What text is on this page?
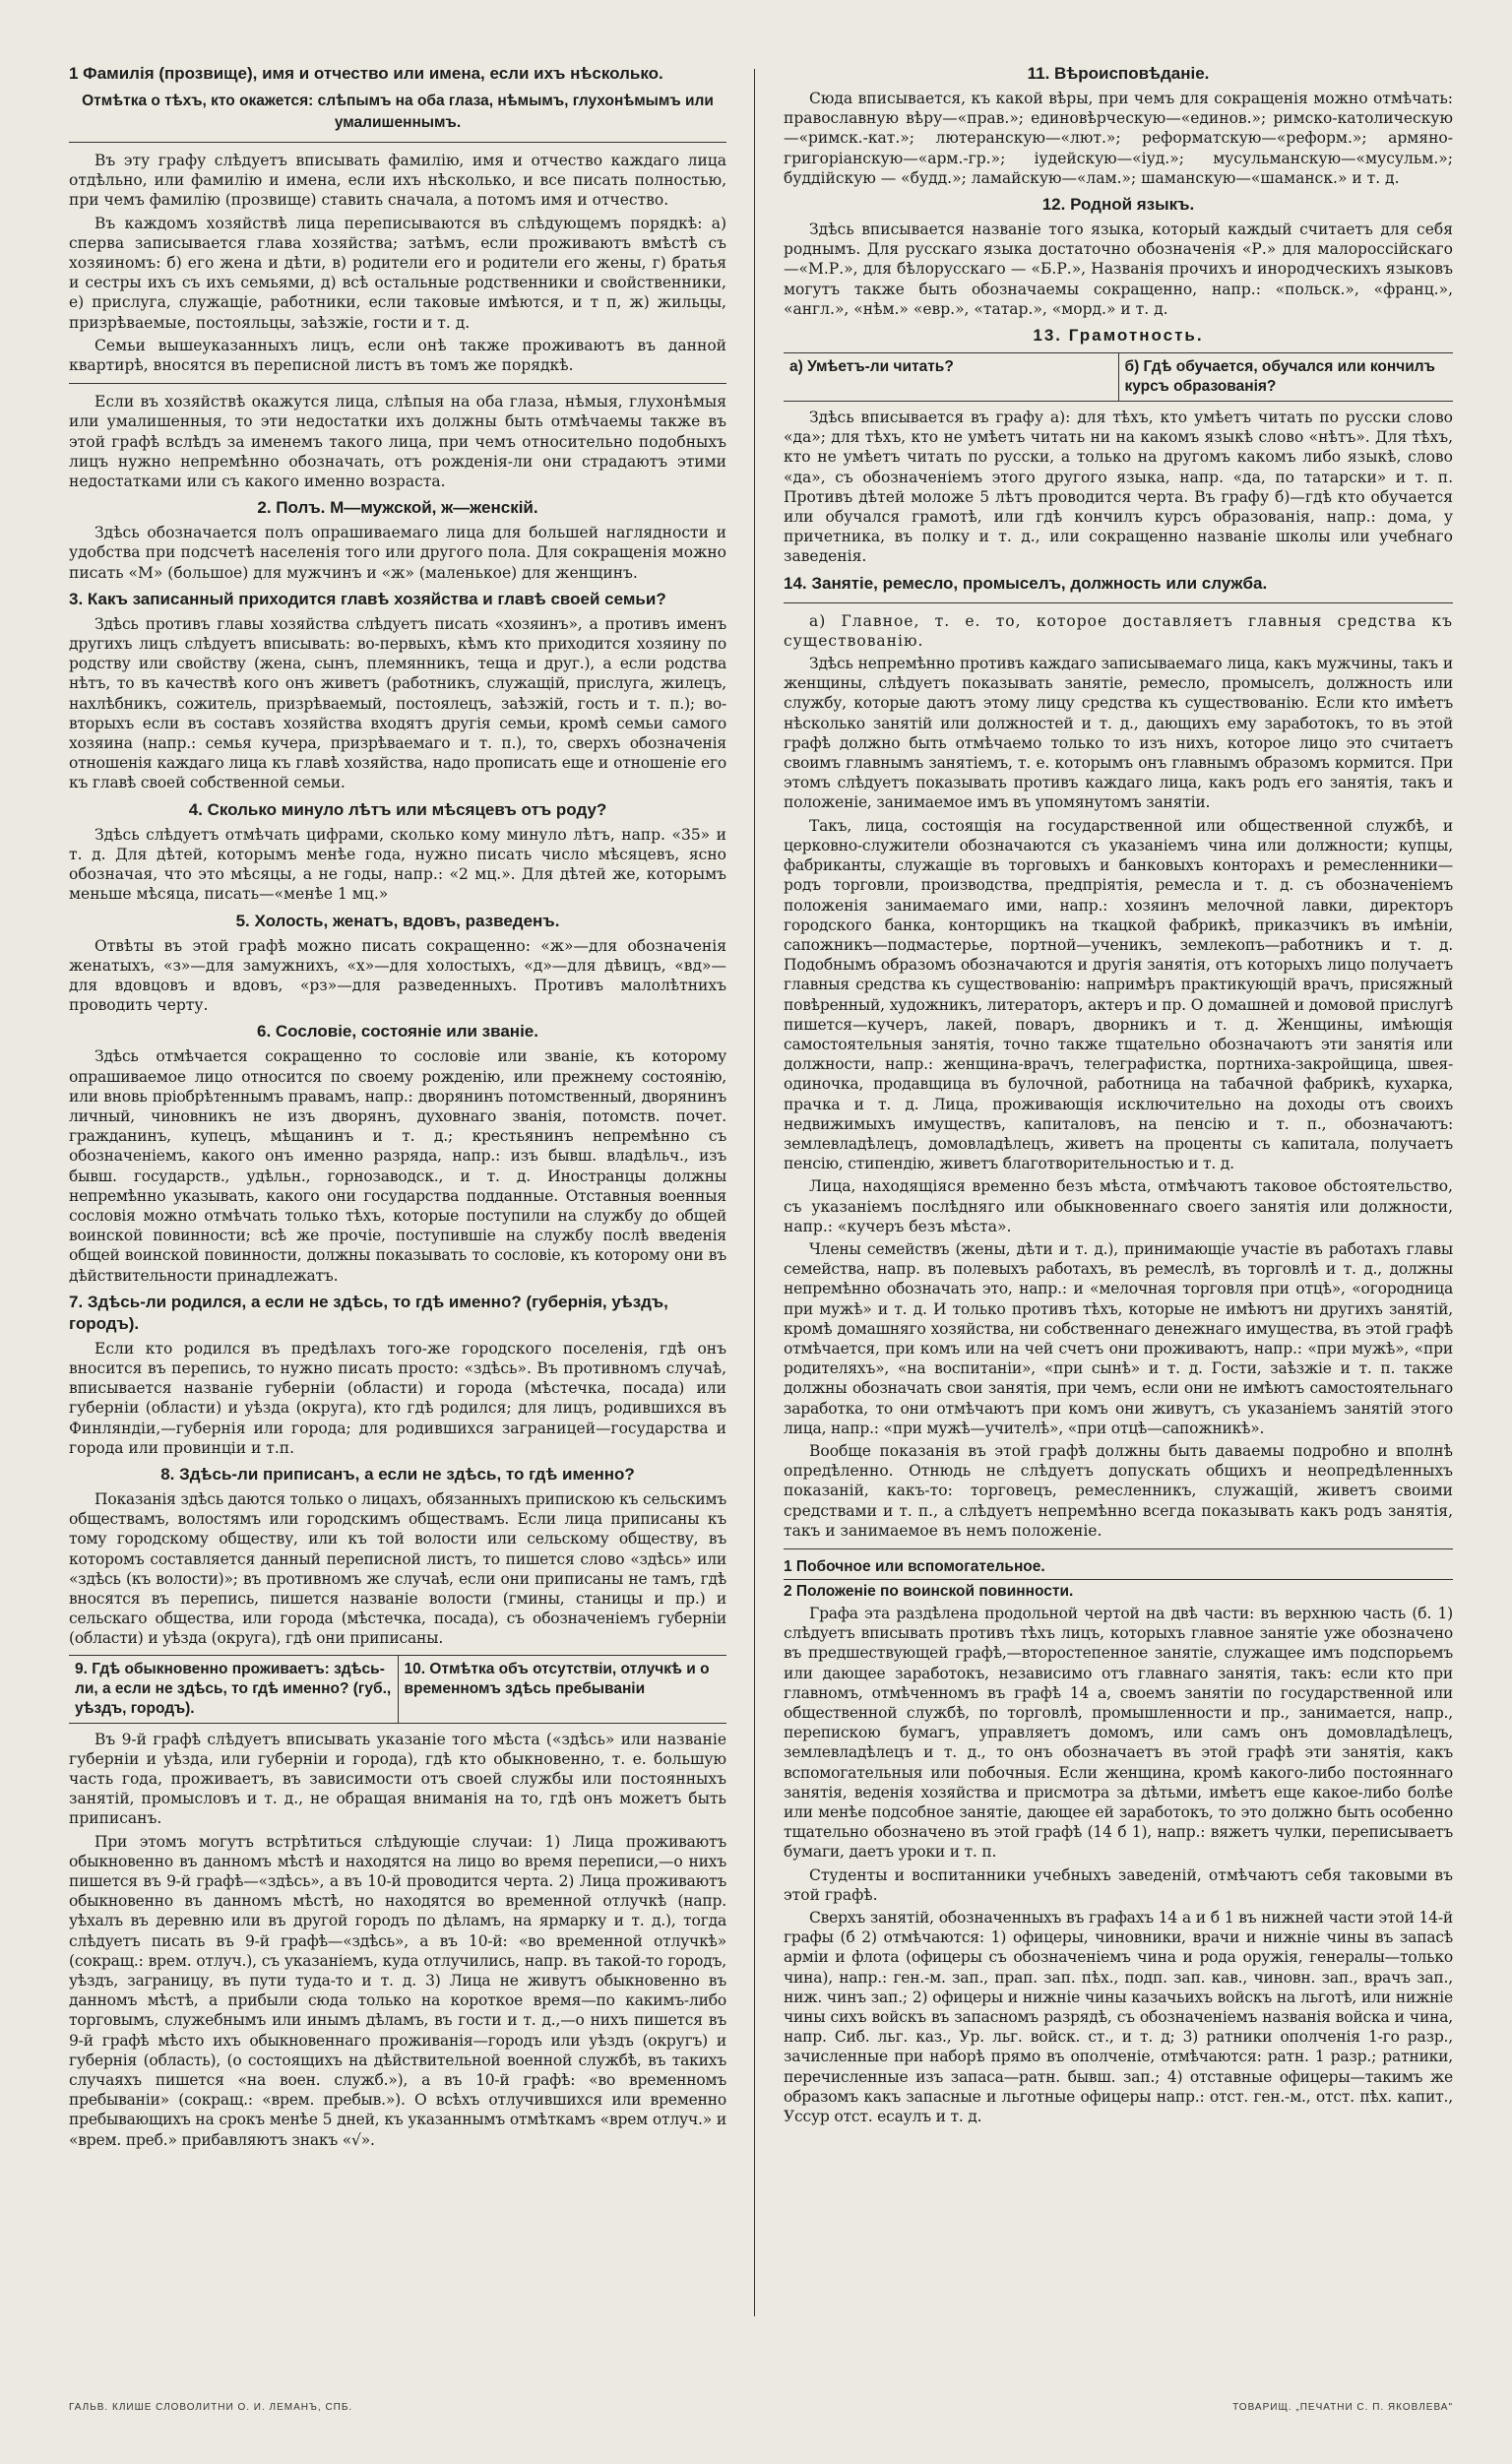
1 Фамилія (прозвище), имя и отчество или имена, если ихъ нѣсколько.
Отмѣтка о тѣхъ, кто окажется: слѣпымъ на оба глаза, нѣмымъ, глухонѣмымъ или умалишеннымъ.

Въ эту графу слѣдуетъ вписывать фамилію, имя и отчество каждаго лица отдѣльно, или фамилію и имена, если ихъ нѣсколько, и все писать полностью, при чемъ фамилію (прозвище) ставить сначала, а потомъ имя и отчество.

Въ каждомъ хозяйствѣ лица переписываются въ слѣдующемъ порядкѣ: а) сперва записывается глава хозяйства; затѣмъ, если проживаютъ вмѣстѣ съ хозяиномъ: б) его жена и дѣти, в) родители его и родители его жены, г) братья и сестры ихъ съ ихъ семьями, д) всѣ остальные родственники и свойственники, е) прислуга, служащіе, работники, если таковые имѣются, и т п, ж) жильцы, призрѣваемые, постояльцы, заѣзжіе, гости и т. д.

Семьи вышеуказанныхъ лицъ, если онѣ также проживаютъ въ данной квартирѣ, вносятся въ переписной листъ въ томъ же порядкѣ.

Если въ хозяйствѣ окажутся лица, слѣпыя на оба глаза, нѣмыя, глухонѣмыя или умалишенныя, то эти недостатки ихъ должны быть отмѣчаемы также въ этой графѣ вслѣдъ за именемъ такого лица, при чемъ относительно подобныхъ лицъ нужно непремѣнно обозначать, отъ рожденія-ли они страдаютъ этими недостатками или съ какого именно возраста.

2. Полъ. М—мужской, ж—женскій.

Здѣсь обозначается полъ опрашиваемаго лица для большей наглядности и удобства при подсчетѣ населенія того или другого пола. Для сокращенія можно писать «М» (большое) для мужчинъ и «ж» (маленькое) для женщинъ.

3. Какъ записанный приходится главѣ хозяйства и главѣ своей семьи?

Здѣсь противъ главы хозяйства слѣдуетъ писать «хозяинъ», а противъ именъ другихъ лицъ слѣдуетъ вписывать: во-первыхъ, кѣмъ кто приходится хозяину по родству или свойству (жена, сынъ, племянникъ, теща и друг.), а если родства нѣтъ, то въ качествѣ кого онъ живетъ (работникъ, служащій, прислуга, жилецъ, нахлѣбникъ, сожитель, призрѣваемый, постоялецъ, заѣзжій, гость и т. п.); во-вторыхъ если въ составъ хозяйства входятъ другія семьи, кромѣ семьи самого хозяина (напр.: семья кучера, призрѣваемаго и т. п.), то, сверхъ обозначенія отношенія каждаго лица къ главѣ хозяйства, надо прописать еще и отношеніе его къ главѣ своей собственной семьи.

4. Сколько минуло лѣтъ или мѣсяцевъ отъ роду?

Здѣсь слѣдуетъ отмѣчать цифрами, сколько кому минуло лѣтъ, напр. «35» и т. д. Для дѣтей, которымъ менѣе года, нужно писать число мѣсяцевъ, ясно обозначая, что это мѣсяцы, а не годы, напр.: «2 мц.». Для дѣтей же, которымъ меньше мѣсяца, писать—«менѣе 1 мц.»

5. Холость, женатъ, вдовъ, разведенъ.

Отвѣты въ этой графѣ можно писать сокращенно: «ж»—для обозначенія женатыхъ, «з»—для замужнихъ, «х»—для холостыхъ, «д»—для дѣвицъ, «вд»—для вдовцовъ и вдовъ, «рз»—для разведенныхъ. Противъ малолѣтнихъ проводить черту.

6. Сословіе, состояніе или званіе.

Здѣсь отмѣчается сокращенно то сословіе или званіе, къ которому опрашиваемое лицо относится по своему рожденію, или прежнему состоянію, или вновь пріобрѣтеннымъ правамъ, напр.: дворянинъ потомственный, дворянинъ личный, чиновникъ не изъ дворянъ, духовнаго званія, потомств. почет. гражданинъ, купецъ, мѣщанинъ и т. д.; крестьянинъ непремѣнно съ обозначеніемъ, какого онъ именно разряда, напр.: изъ бывш. владѣльч., изъ бывш. государств., удѣльн., горнозаводск., и т. д. Иностранцы должны непремѣнно указывать, какого они государства подданные. Отставныя военныя сословія можно отмѣчать только тѣхъ, которые поступили на службу до общей воинской повинности; всѣ же прочіе, поступившіе на службу послѣ введенія общей воинской повинности, должны показывать то сословіе, къ которому они въ дѣйствительности принадлежатъ.

7. Здѣсь-ли родился, а если не здѣсь, то гдѣ именно? (губернія, уѣздъ, городъ).

Если кто родился въ предѣлахъ того-же городского поселенія, гдѣ онъ вносится въ перепись, то нужно писать просто: «здѣсь». Въ противномъ случаѣ, вписывается названіе губерніи (области) и города (мѣстечка, посада) или губерніи (области) и уѣзда (округа), кто гдѣ родился; для лицъ, родившихся въ Финляндіи,—губернія или города; для родившихся заграницей—государства и города или провинціи и т.п.

8. Здѣсь-ли приписанъ, а если не здѣсь, то гдѣ именно?

Показанія здѣсь даются только о лицахъ, обязанныхъ припискою къ сельскимъ обществамъ, волостямъ или городскимъ обществамъ. Если лица приписаны къ тому городскому обществу, или къ той волости или сельскому обществу, въ которомъ составляется данный переписной листъ, то пишется слово «здѣсь» или «здѣсь (къ волости)»; въ противномъ же случаѣ, если они приписаны не тамъ, гдѣ вносятся въ перепись, пишется названіе волости (гмины, станицы и пр.) и сельскаго общества, или города (мѣстечка, посада), съ обозначеніемъ губерніи (области) и уѣзда (округа), гдѣ они приписаны.

9. Гдѣ обыкновенно проживаетъ: здѣсь-ли, а если не здѣсь, то гдѣ именно? (губ., уѣздъ, городъ).
10. Отмѣтка объ отсутствіи, отлучкѣ и о временномъ здѣсь пребываніи

Въ 9-й графѣ слѣдуетъ вписывать указаніе того мѣста («здѣсь» или названіе губерніи и уѣзда, или губерніи и города), гдѣ кто обыкновенно, т. е. большую часть года, проживаетъ, въ зависимости отъ своей службы или постоянныхъ занятій, промысловъ и т. д., не обращая вниманія на то, гдѣ онъ можетъ быть приписанъ.

При этомъ могутъ встрѣтиться слѣдующіе случаи: 1) Лица проживаютъ обыкновенно въ данномъ мѣстѣ и находятся на лицо во время переписи,—о нихъ пишется въ 9-й графѣ—«здѣсь», а въ 10-й проводится черта. 2) Лица проживаютъ обыкновенно въ данномъ мѣстѣ, но находятся во временной отлучкѣ (напр. уѣхалъ въ деревню или въ другой городъ по дѣламъ, на ярмарку и т. д.), тогда слѣдуетъ писать въ 9-й графѣ—«здѣсь», а въ 10-й: «во временной отлучкѣ» (сокращ.: врем. отлуч.), съ указаніемъ, куда отлучились, напр. въ такой-то городъ, уѣздъ, заграницу, въ пути туда-то и т. д. 3) Лица не живутъ обыкновенно въ данномъ мѣстѣ, а прибыли сюда только на короткое время—по какимъ-либо торговымъ, служебнымъ или инымъ дѣламъ, въ гости и т. д.,—о нихъ пишется въ 9-й графѣ мѣсто ихъ обыкновеннаго проживанія—городъ или уѣздъ (округъ) и губернія (область), (о состоящихъ на дѣйствительной военной службѣ, въ такихъ случаяхъ пишется «на воен. служб.»), а въ 10-й графѣ: «во временномъ пребываніи» (сокращ.: «врем. пребыв.»). О всѣхъ отлучившихся или временно пребывающихъ на срокъ менѣе 5 дней, къ указаннымъ отмѣткамъ «врем отлуч.» и «врем. преб.» прибавляютъ знакъ «√».

11. Вѣроисповѣданіе.

Сюда вписывается, къ какой вѣры, при чемъ для сокращенія можно отмѣчать: православную вѣру—«прав.»; единовѣрческую—«единов.»; римско-католическую—«римск.-кат.»; лютеранскую—«лют.»; реформатскую—«реформ.»; армяно-григоріанскую—«арм.-гр.»; іудейскую—«іуд.»; мусульманскую—«мусульм.»; буддійскую — «будд.»; ламайскую—«лам.»; шаманскую—«шаманск.» и т. д.

12. Родной языкъ.

Здѣсь вписывается названіе того языка, который каждый считаетъ для себя роднымъ. Для русскаго языка достаточно обозначенія «Р.» для малороссійскаго—«М.Р.», для бѣлорусскаго — «Б.Р.», Названія прочихъ и инородческихъ языковъ могутъ также быть обозначаемы сокращенно, напр.: «польск.», «франц.», «англ.», «нѣм.» «евр.», «татар.», «морд.» и т. д.

13. Грамотность.
а) Умѣетъ-ли читать?	б) Гдѣ обучается, обучался или кончилъ курсъ образованія?

Здѣсь вписывается въ графу а): для тѣхъ, кто умѣетъ читать по русски слово «да»; для тѣхъ, кто не умѣетъ читать ни на какомъ языкѣ слово «нѣтъ». Для тѣхъ, кто не умѣетъ читать по русски, а только на другомъ какомъ либо языкѣ, слово «да», съ обозначеніемъ этого другого языка, напр. «да, по татарски» и т. п. Противъ дѣтей моложе 5 лѣтъ проводится черта. Въ графу б)—гдѣ кто обучается или обучался грамотѣ, или гдѣ кончилъ курсъ образованія, напр.: дома, у причетника, въ полку и т. д., или сокращенно названіе школы или учебнаго заведенія.

14. Занятіе, ремесло, промыселъ, должность или служба.

а) Главное, т. е. то, которое доставляетъ главныя средства къ существованію.

Здѣсь непремѣнно противъ каждаго записываемаго лица, какъ мужчины, такъ и женщины, слѣдуетъ показывать занятіе, ремесло, промыселъ, должность или службу, которые даютъ этому лицу средства къ существованію. Если кто имѣетъ нѣсколько занятій или должностей и т. д., дающихъ ему заработокъ, то въ этой графѣ должно быть отмѣчаемо только то изъ нихъ, которое лицо это считаетъ своимъ главнымъ занятіемъ, т. е. которымъ онъ главнымъ образомъ кормится. При этомъ слѣдуетъ показывать противъ каждаго лица, какъ родъ его занятія, такъ и положеніе, занимаемое имъ въ упомянутомъ занятіи.

Такъ, лица, состоящія на государственной или общественной службѣ, и церковно-служители обозначаются съ указаніемъ чина или должности; купцы, фабриканты, служащіе въ торговыхъ и банковыхъ конторахъ и ремесленники—родъ торговли, производства, предпріятія, ремесла и т. д. съ обозначеніемъ положенія занимаемаго ими, напр.: хозяинъ мелочной лавки, директоръ городского банка, конторщикъ на ткацкой фабрикѣ, приказчикъ въ имѣніи, сапожникъ—подмастерье, портной—ученикъ, землекопъ—работникъ и т. д. Подобнымъ образомъ обозначаются и другія занятія, отъ которыхъ лицо получаетъ главныя средства къ существованію: напримѣръ практикующій врачъ, присяжный повѣренный, художникъ, литераторъ, актеръ и пр. О домашней и домовой прислугѣ пишется—кучеръ, лакей, поваръ, дворникъ и т. д. Женщины, имѣющія самостоятельныя занятія, точно также тщательно обозначаютъ эти занятія или должности, напр.: женщина-врачъ, телеграфистка, портниха-закройщица, швея-одиночка, продавщица въ булочной, работница на табачной фабрикѣ, кухарка, прачка и т. д. Лица, проживающія исключительно на доходы отъ своихъ недвижимыхъ имуществъ, капиталовъ, на пенсію и т. п., обозначаютъ: землевладѣлецъ, домовладѣлецъ, живетъ на проценты съ капитала, получаетъ пенсію, стипендію, живетъ благотворительностью и т. д.

Лица, находящіяся временно безъ мѣста, отмѣчаютъ таковое обстоятельство, съ указаніемъ послѣдняго или обыкновеннаго своего занятія или должности, напр.: «кучеръ безъ мѣста».

Члены семействъ (жены, дѣти и т. д.), принимающіе участіе въ работахъ главы семейства, напр. въ полевыхъ работахъ, въ ремеслѣ, въ торговлѣ и т. д., должны непремѣнно обозначать это, напр.: и «мелочная торговля при отцѣ», «огородница при мужѣ» и т. д. И только противъ тѣхъ, которые не имѣютъ ни другихъ занятій, кромѣ домашняго хозяйства, ни собственнаго денежнаго имущества, въ этой графѣ отмѣчается, при комъ или на чей счетъ они проживаютъ, напр.: «при мужѣ», «при родителяхъ», «на воспитаніи», «при сынѣ» и т. д. Гости, заѣзжіе и т. п. также должны обозначать свои занятія, при чемъ, если они не имѣютъ самостоятельнаго заработка, то они отмѣчаютъ при комъ они живутъ, съ указаніемъ занятій этого лица, напр.: «при мужѣ—учителѣ», «при отцѣ—сапожникѣ».

Вообще показанія въ этой графѣ должны быть даваемы подробно и вполнѣ опредѣленно. Отнюдь не слѣдуетъ допускать общихъ и неопредѣленныхъ показаній, какъ-то: торговецъ, ремесленникъ, служащій, живетъ своими средствами и т. п., а слѣдуетъ непремѣнно всегда показывать какъ родъ занятія, такъ и занимаемое въ немъ положеніе.

1 Побочное или вспомогательное.
2 Положеніе по воинской повинности.

Графа эта раздѣлена продольной чертой на двѣ части: въ верхнюю часть (б. 1) слѣдуетъ вписывать противъ тѣхъ лицъ, которыхъ главное занятіе уже обозначено въ предшествующей графѣ,—второстепенное занятіе, служащее имъ подспорьемъ или дающее заработокъ, независимо отъ главнаго занятія, такъ: если кто при главномъ, отмѣченномъ въ графѣ 14 а, своемъ занятіи по государственной или общественной службѣ, по торговлѣ, промышленности и пр., занимается, напр., перепискою бумагъ, управляетъ домомъ, или самъ онъ домовладѣлецъ, землевладѣлецъ и т. д., то онъ обозначаетъ въ этой графѣ эти занятія, какъ вспомогательныя или побочныя. Если женщина, кромѣ какого-либо постояннаго занятія, веденія хозяйства и присмотра за дѣтьми, имѣетъ еще какое-либо болѣе или менѣе подсобное занятіе, дающее ей заработокъ, то это должно быть особенно тщательно обозначено въ этой графѣ (14 б 1), напр.: вяжетъ чулки, переписываетъ бумаги, даетъ уроки и т. п.

Студенты и воспитанники учебныхъ заведеній, отмѣчаютъ себя таковыми въ этой графѣ.

Сверхъ занятій, обозначенныхъ въ графахъ 14 а и б 1 въ нижней части этой 14-й графы (б 2) отмѣчаются: 1) офицеры, чиновники, врачи и нижніе чины въ запасѣ арміи и флота (офицеры съ обозначеніемъ чина и рода оружія, генералы—только чина), напр.: ген.-м. зап., прап. зап. пѣх., подп. зап. кав., чиновн. зап., врачъ зап., ниж. чинъ зап.; 2) офицеры и нижніе чины казачьихъ войскъ на льготѣ, или нижніе чины сихъ войскъ въ запасномъ разрядѣ, съ обозначеніемъ названія войска и чина, напр. Сиб. льг. каз., Ур. льг. войск. ст., и т. д; 3) ратники ополченія 1-го разр., зачисленные при наборѣ прямо въ ополченіе, отмѣчаются: ратн. 1 разр.; ратники, перечисленные изъ запаса—ратн. бывш. зап.; 4) отставные офицеры—такимъ же образомъ какъ запасные и льготные офицеры напр.: отст. ген.-м., отст. пѣх. капит., Уссур отст. есаулъ и т. д.

ГАЛЬВ. КЛИШЕ СЛОВОЛИТНИ О. И. ЛЕМАНЪ, СПБ.	ТОВАРИЩ. „ПЕЧАТНИ С. П. ЯКОВЛЕВА"
